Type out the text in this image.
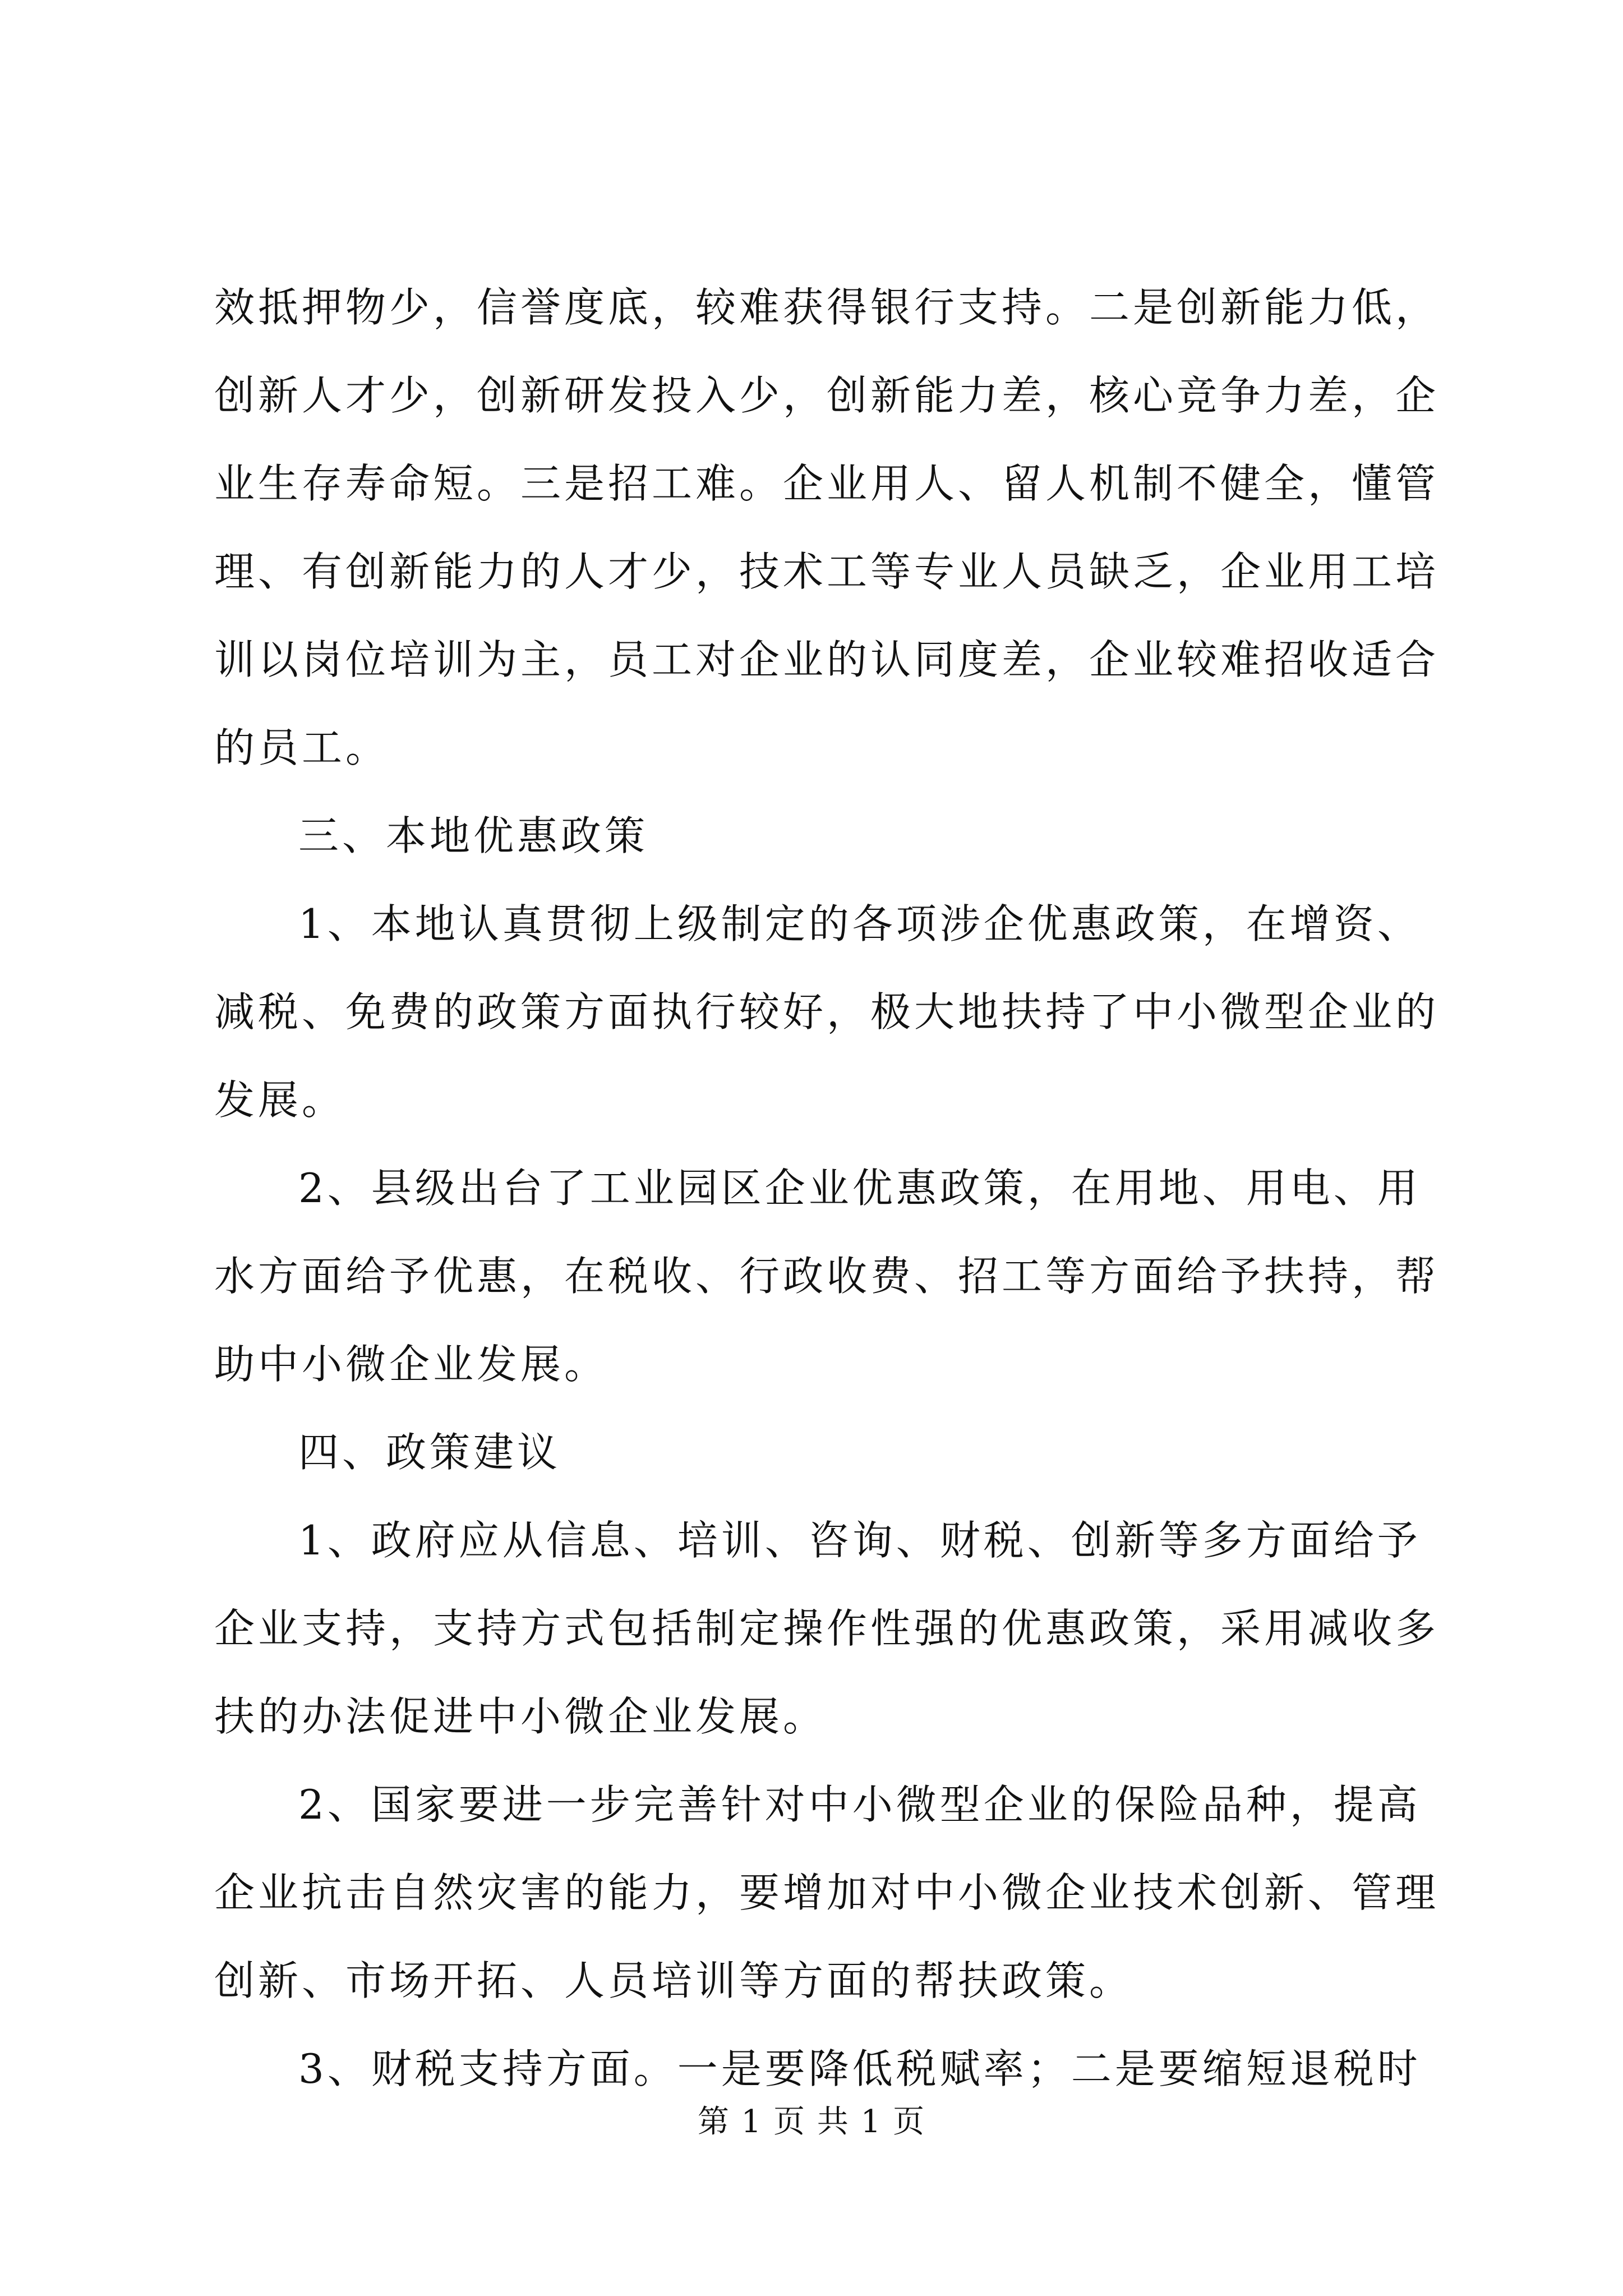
效抵押物少，信誉度底，较难获得银行支持。二是创新能力低，
创新人才少，创新研发投入少，创新能力差，核心竞争力差，企
业生存寿命短。三是招工难。企业用人、留人机制不健全，懂管
理、有创新能力的人才少，技术工等专业人员缺乏，企业用工培
训以岗位培训为主，员工对企业的认同度差，企业较难招收适合
的员工。
三、本地优惠政策
1、本地认真贯彻上级制定的各项涉企优惠政策，在增资、
减税、免费的政策方面执行较好，极大地扶持了中小微型企业的
发展。
2、县级出台了工业园区企业优惠政策，在用地、用电、用
水方面给予优惠，在税收、行政收费、招工等方面给予扶持，帮
助中小微企业发展。
四、政策建议
1、政府应从信息、培训、咨询、财税、创新等多方面给予
企业支持，支持方式包括制定操作性强的优惠政策，采用减收多
扶的办法促进中小微企业发展。
2、国家要进一步完善针对中小微型企业的保险品种，提高
企业抗击自然灾害的能力，要增加对中小微企业技术创新、管理
创新、市场开拓、人员培训等方面的帮扶政策。
3、财税支持方面。一是要降低税赋率；二是要缩短退税时
第 1 页 共 1 页
